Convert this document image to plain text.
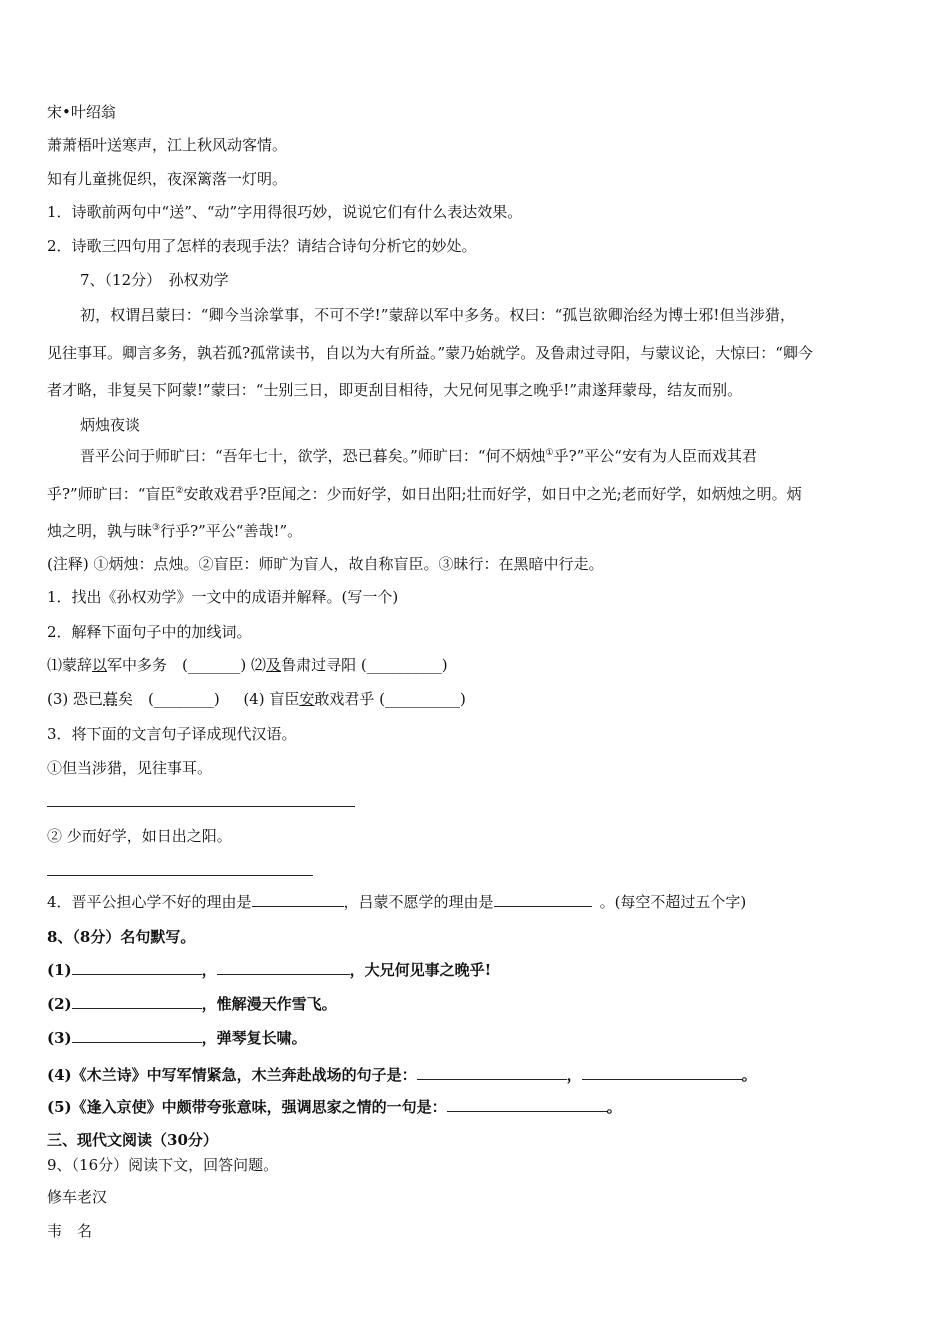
宋•叶绍翁
萧萧梧叶送寒声，江上秋风动客情。
知有儿童挑促织，夜深篱落一灯明。
1．诗歌前两句中“送”、“动”字用得很巧妙，说说它们有什么表达效果。
2．诗歌三四句用了怎样的表现手法？请结合诗句分析它的妙处。
7、（12分）　孙权劝学
初，权谓吕蒙曰：“卿今当涂掌事，不可不学!”蒙辞以军中多务。权曰：“孤岂欲卿治经为博士邪!但当涉猎，
见往事耳。卿言多务，孰若孤?孤常读书，自以为大有所益。”蒙乃始就学。及鲁肃过寻阳，与蒙议论，大惊曰：“卿今
者才略，非复吴下阿蒙!”蒙曰：“士别三日，即更刮目相待，大兄何见事之晚乎!”肃遂拜蒙母，结友而别。
炳烛夜谈
晋平公问于师旷曰：“吾年七十，欲学，恐已暮矣。”师旷曰：“何不炳烛①乎?”平公“安有为人臣而戏其君
乎?”师旷曰：“盲臣②安敢戏君乎?臣闻之：少而好学，如日出阳;壮而好学，如日中之光;老而好学，如炳烛之明。炳
烛之明，孰与昧③行乎?”平公“善哉!”。
(注释) ①炳烛：点烛。②盲臣：师旷为盲人，故自称盲臣。③昧行：在黑暗中行走。
1．找出《孙权劝学》一文中的成语并解释。(写一个)
2．解释下面句子中的加线词。
⑴蒙辞以军中多务　(_______) ⑵及鲁肃过寻阳 (__________)
(3) 恐已暮矣　(________) (4) 盲臣安敢戏君乎 (__________)
3．将下面的文言句子译成现代汉语。
①但当涉猎，见往事耳。
② 少而好学，如日出之阳。
4．晋平公担心学不好的理由是	，吕蒙不愿学的理由是	。(每空不超过五个字)
8、（8分）名句默写。
(1)	，	，大兄何见事之晚乎!
(2)	，惟解漫天作雪飞。
(3)	，弹琴复长啸。
(4)《木兰诗》中写军情紧急，木兰奔赴战场的句子是：	，	。
(5)《逢入京使》中颇带夸张意味，强调思家之情的一句是：	。
三、现代文阅读（30分）
9、（16分）阅读下文，回答问题。
修车老汉
韦　名
